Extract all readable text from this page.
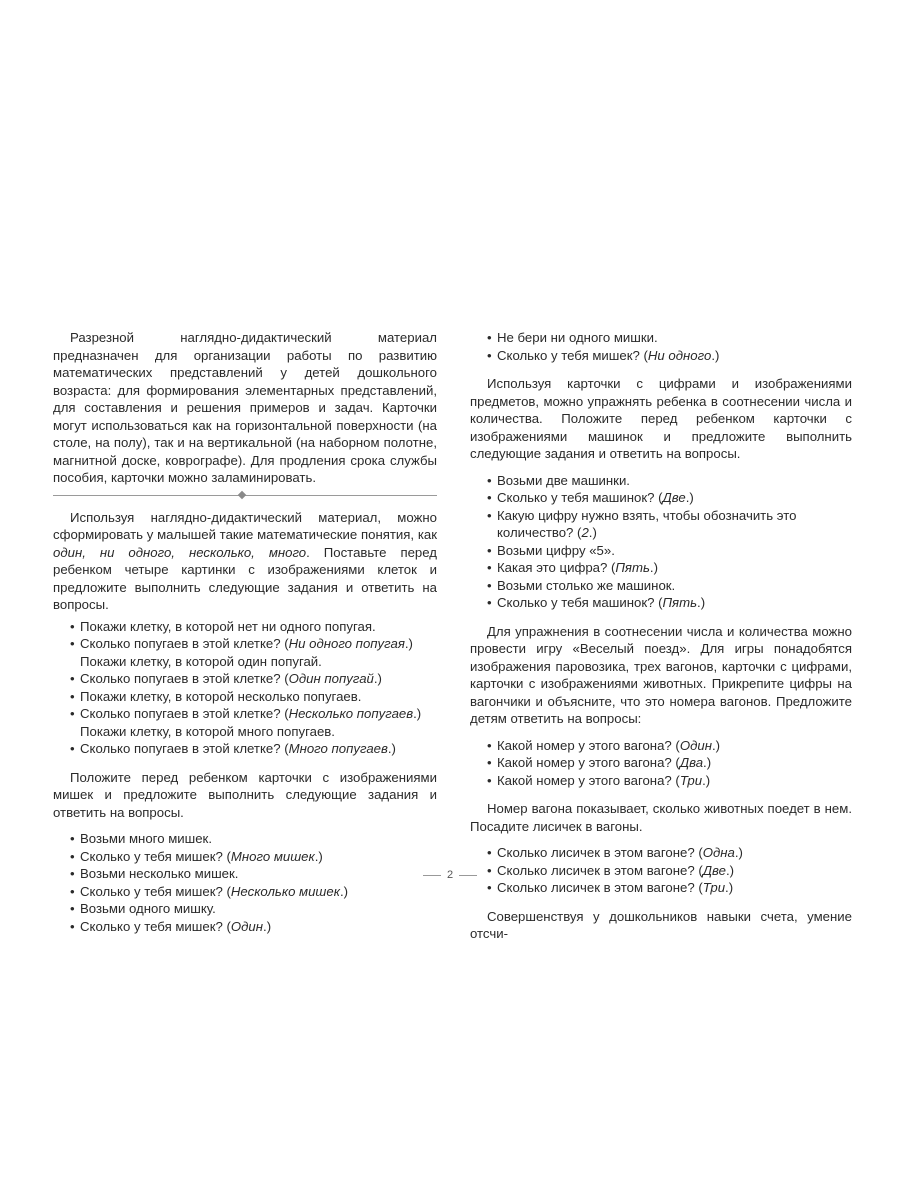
Разрезной наглядно-дидактический материал предназначен для организации работы по развитию математических представлений у детей дошкольного возраста: для формирования элементарных представлений, для составления и решения примеров и задач. Карточки могут использоваться как на горизонтальной поверхности (на столе, на полу), так и на вертикальной (на наборном полотне, магнитной доске, коврографе). Для продления срока службы пособия, карточки можно заламинировать.

Используя наглядно-дидактический материал, можно сформировать у малышей такие математические понятия, как один, ни одного, несколько, много. Поставьте перед ребенком четыре картинки с изображениями клеток и предложите выполнить следующие задания и ответить на вопросы.

• Покажи клетку, в которой нет ни одного попугая.
• Сколько попугаев в этой клетке? (Ни одного попугая.) Покажи клетку, в которой один попугай.
• Сколько попугаев в этой клетке? (Один попугай.)
• Покажи клетку, в которой несколько попугаев.
• Сколько попугаев в этой клетке? (Несколько попугаев.) Покажи клетку, в которой много попугаев.
• Сколько попугаев в этой клетке? (Много попугаев.)

Положите перед ребенком карточки с изображениями мишек и предложите выполнить следующие задания и ответить на вопросы.

• Возьми много мишек.
• Сколько у тебя мишек? (Много мишек.)
• Возьми несколько мишек.
• Сколько у тебя мишек? (Несколько мишек.)
• Возьми одного мишку.
• Сколько у тебя мишек? (Один.)
• Не бери ни одного мишки.
• Сколько у тебя мишек? (Ни одного.)

Используя карточки с цифрами и изображениями предметов, можно упражнять ребенка в соотнесении числа и количества. Положите перед ребенком карточки с изображениями машинок и предложите выполнить следующие задания и ответить на вопросы.

• Возьми две машинки.
• Сколько у тебя машинок? (Две.)
• Какую цифру нужно взять, чтобы обозначить это количество? (2.)
• Возьми цифру «5».
• Какая это цифра? (Пять.)
• Возьми столько же машинок.
• Сколько у тебя машинок? (Пять.)

Для упражнения в соотнесении числа и количества можно провести игру «Веселый поезд». Для игры понадобятся изображения паровозика, трех вагонов, карточки с цифрами, карточки с изображениями животных. Прикрепите цифры на вагончики и объясните, что это номера вагонов. Предложите детям ответить на вопросы:

• Какой номер у этого вагона? (Один.)
• Какой номер у этого вагона? (Два.)
• Какой номер у этого вагона? (Три.)

Номер вагона показывает, сколько животных поедет в нем. Посадите лисичек в вагоны.

• Сколько лисичек в этом вагоне? (Одна.)
• Сколько лисичек в этом вагоне? (Две.)
• Сколько лисичек в этом вагоне? (Три.)

Совершенствуя у дошкольников навыки счета, умение отсчи-

2
